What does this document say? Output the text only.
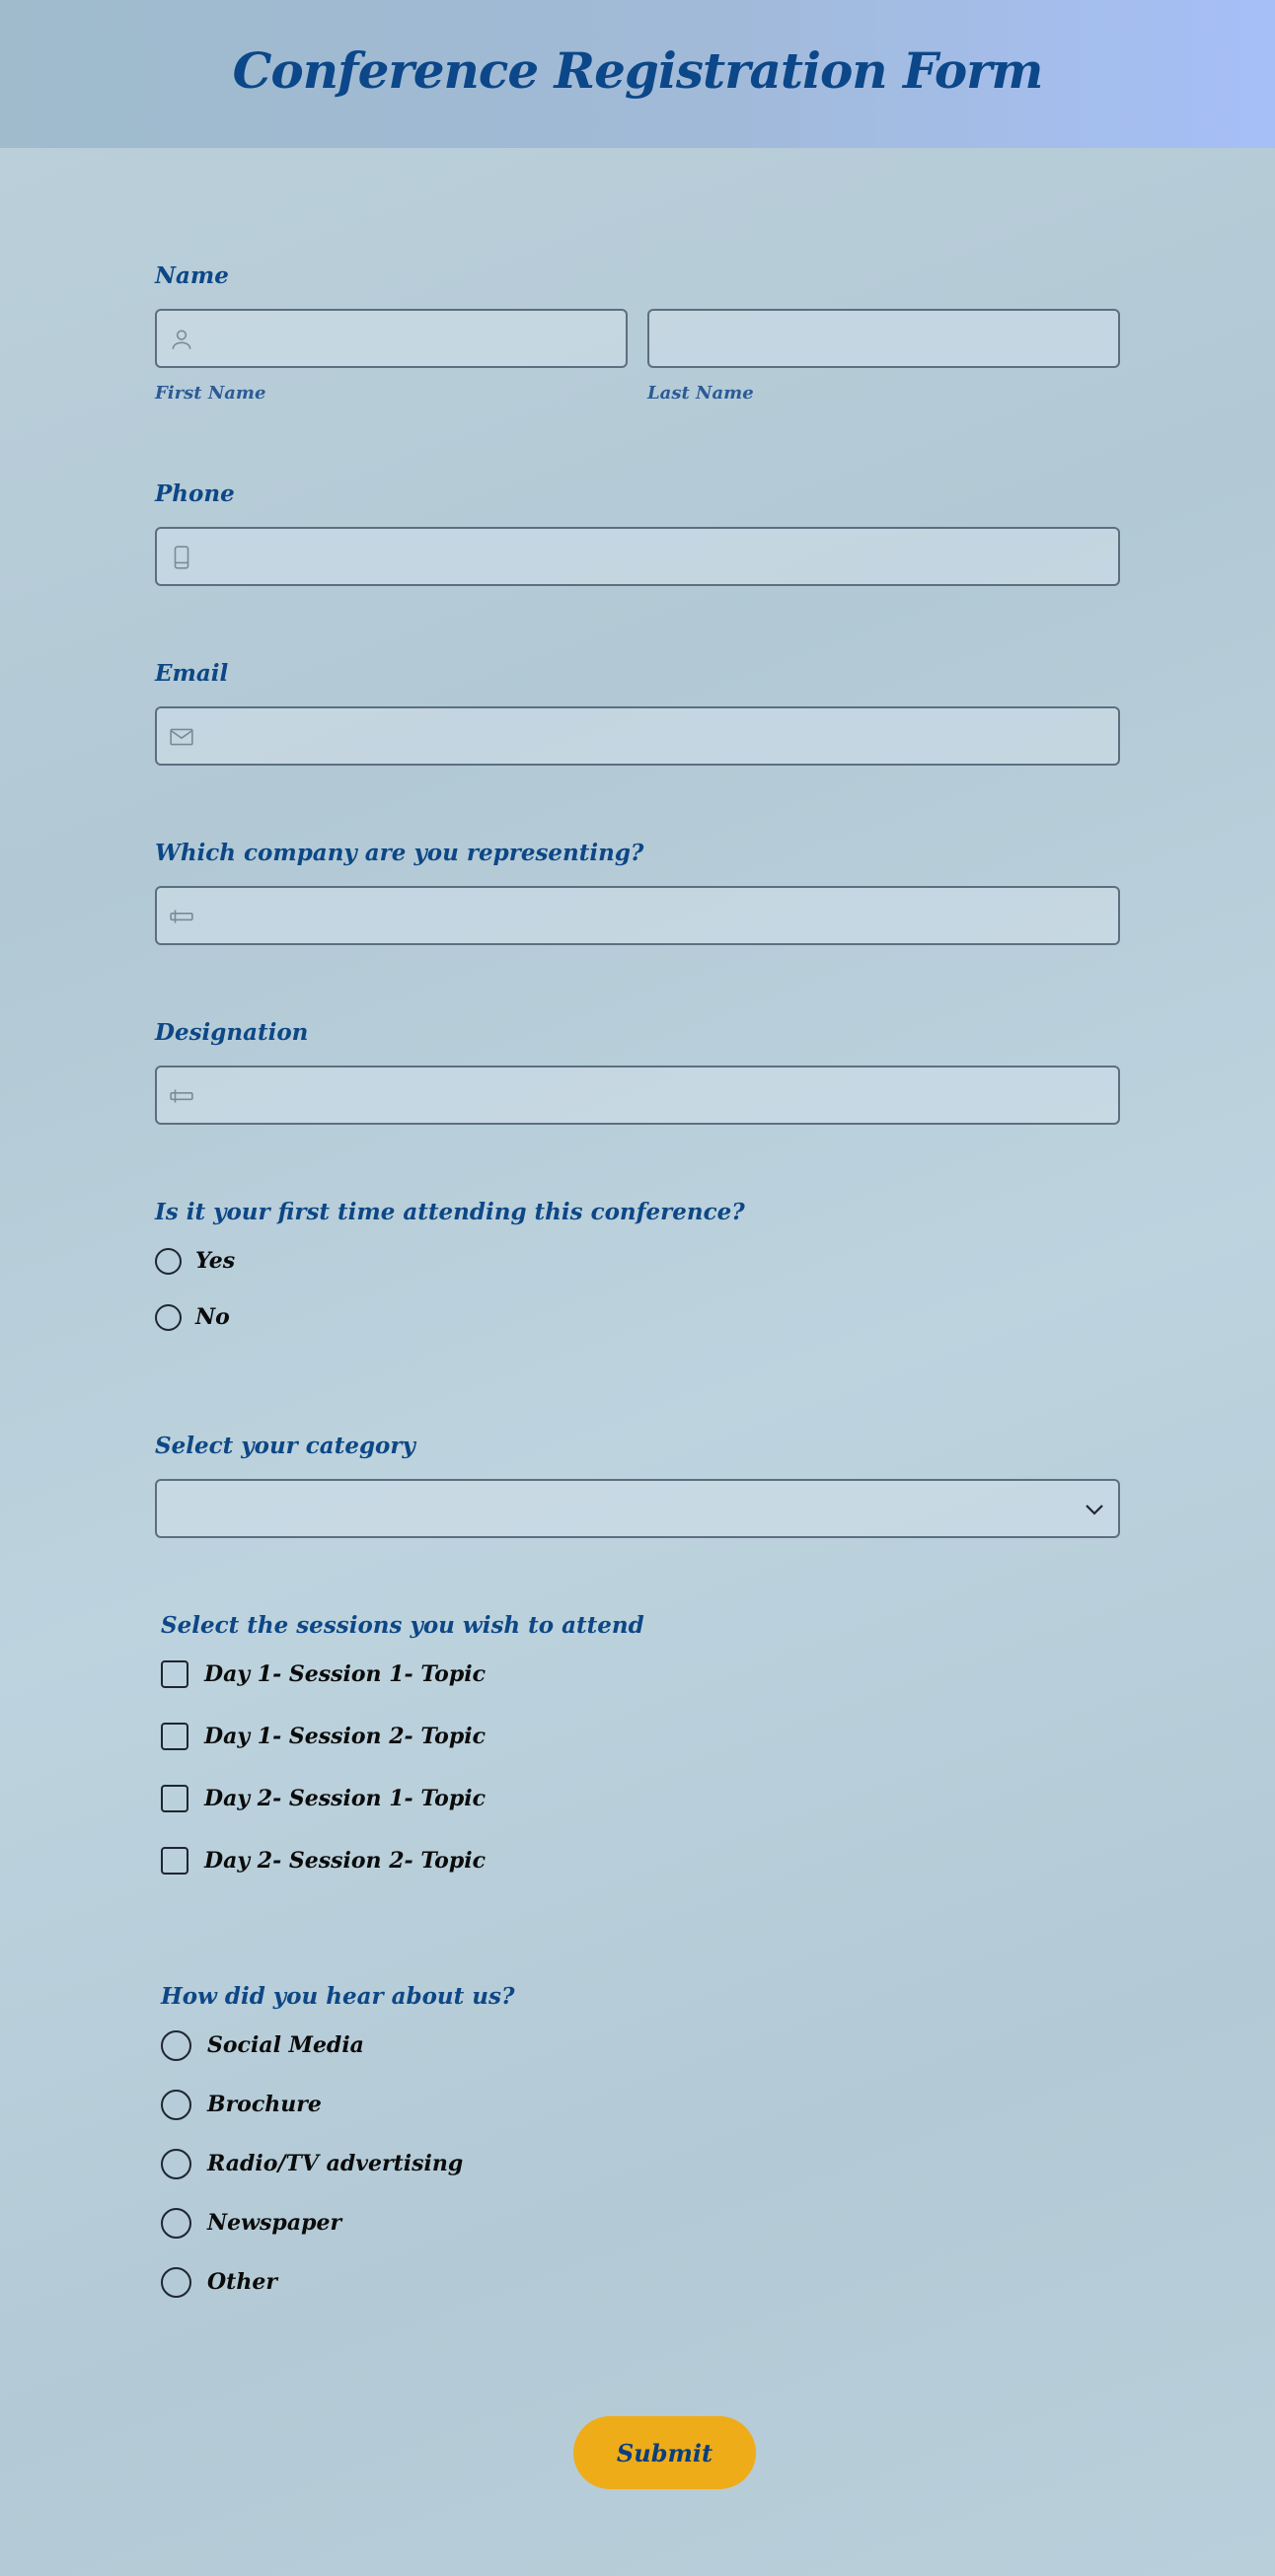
Conference Registration Form
Name
First Name	Last Name
Phone
Email
Which company are you representing?
Designation
Is it your first time attending this conference?
Yes
No
Select your category
Select the sessions you wish to attend
Day 1- Session 1- Topic
Day 1- Session 2- Topic
Day 2- Session 1- Topic
Day 2- Session 2- Topic
How did you hear about us?
Social Media
Brochure
Radio/TV advertising
Newspaper
Other
Submit
